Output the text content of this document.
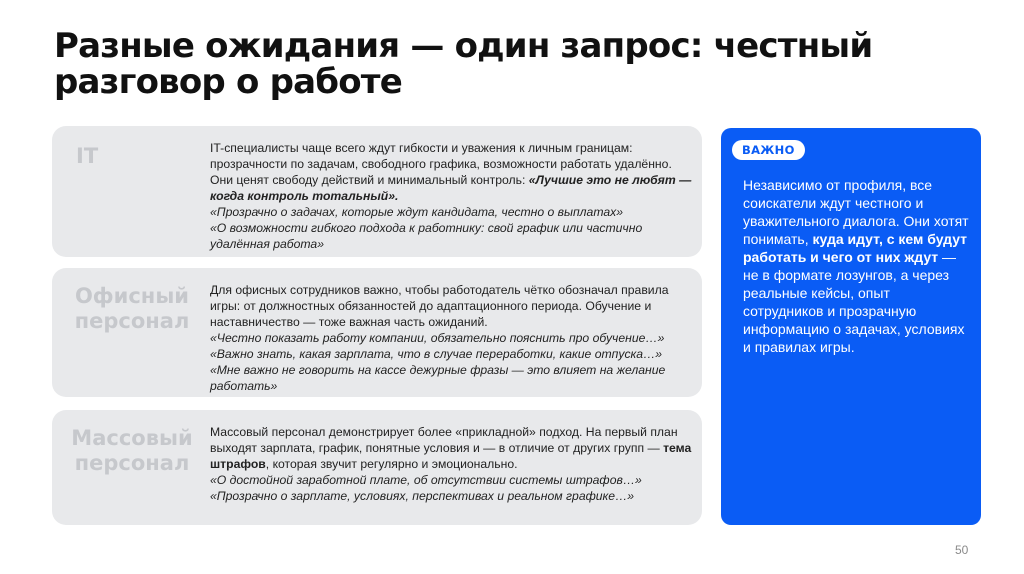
Разные ожидания — один запрос: честный
разговор о работе
IT	IT-специалисты чаще всего ждут гибкости и уважения к личным границам: прозрачности по задачам, свободного графика, возможности работать удалённо. Они ценят свободу действий и минимальный контроль: «Лучшие это не любят — когда контроль тотальный».

«Прозрачно о задачах, которые ждут кандидата, честно о выплатах»

«О возможности гибкого подхода к работнику: свой график или частично удалённая работа»

Офисный
персонал

Для офисных сотрудников важно, чтобы работодатель чётко обозначал правила игры: от должностных обязанностей до адаптационного периода. Обучение и наставничество — тоже важная часть ожиданий.

«Честно показать работу компании, обязательно пояснить про обучение…»

«Важно знать, какая зарплата, что в случае переработки, какие отпуска…»

«Мне важно не говорить на кассе дежурные фразы — это влияет на желание работать»

Массовый
персонал

Массовый персонал демонстрирует более «прикладной» подход. На первый план выходят зарплата, график, понятные условия и — в отличие от других групп — тема штрафов, которая звучит регулярно и эмоционально.

«О достойной заработной плате, об отсутствии системы штрафов…»

«Прозрачно о зарплате, условиях, перспективах и реальном графике…»

ВАЖНО

Независимо от профиля, все соискатели ждут честного и уважительного диалога. Они хотят понимать, куда идут, с кем будут работать и чего от них ждут — не в формате лозунгов, а через реальные кейсы, опыт сотрудников и прозрачную информацию о задачах, условиях и правилах игры.

50
